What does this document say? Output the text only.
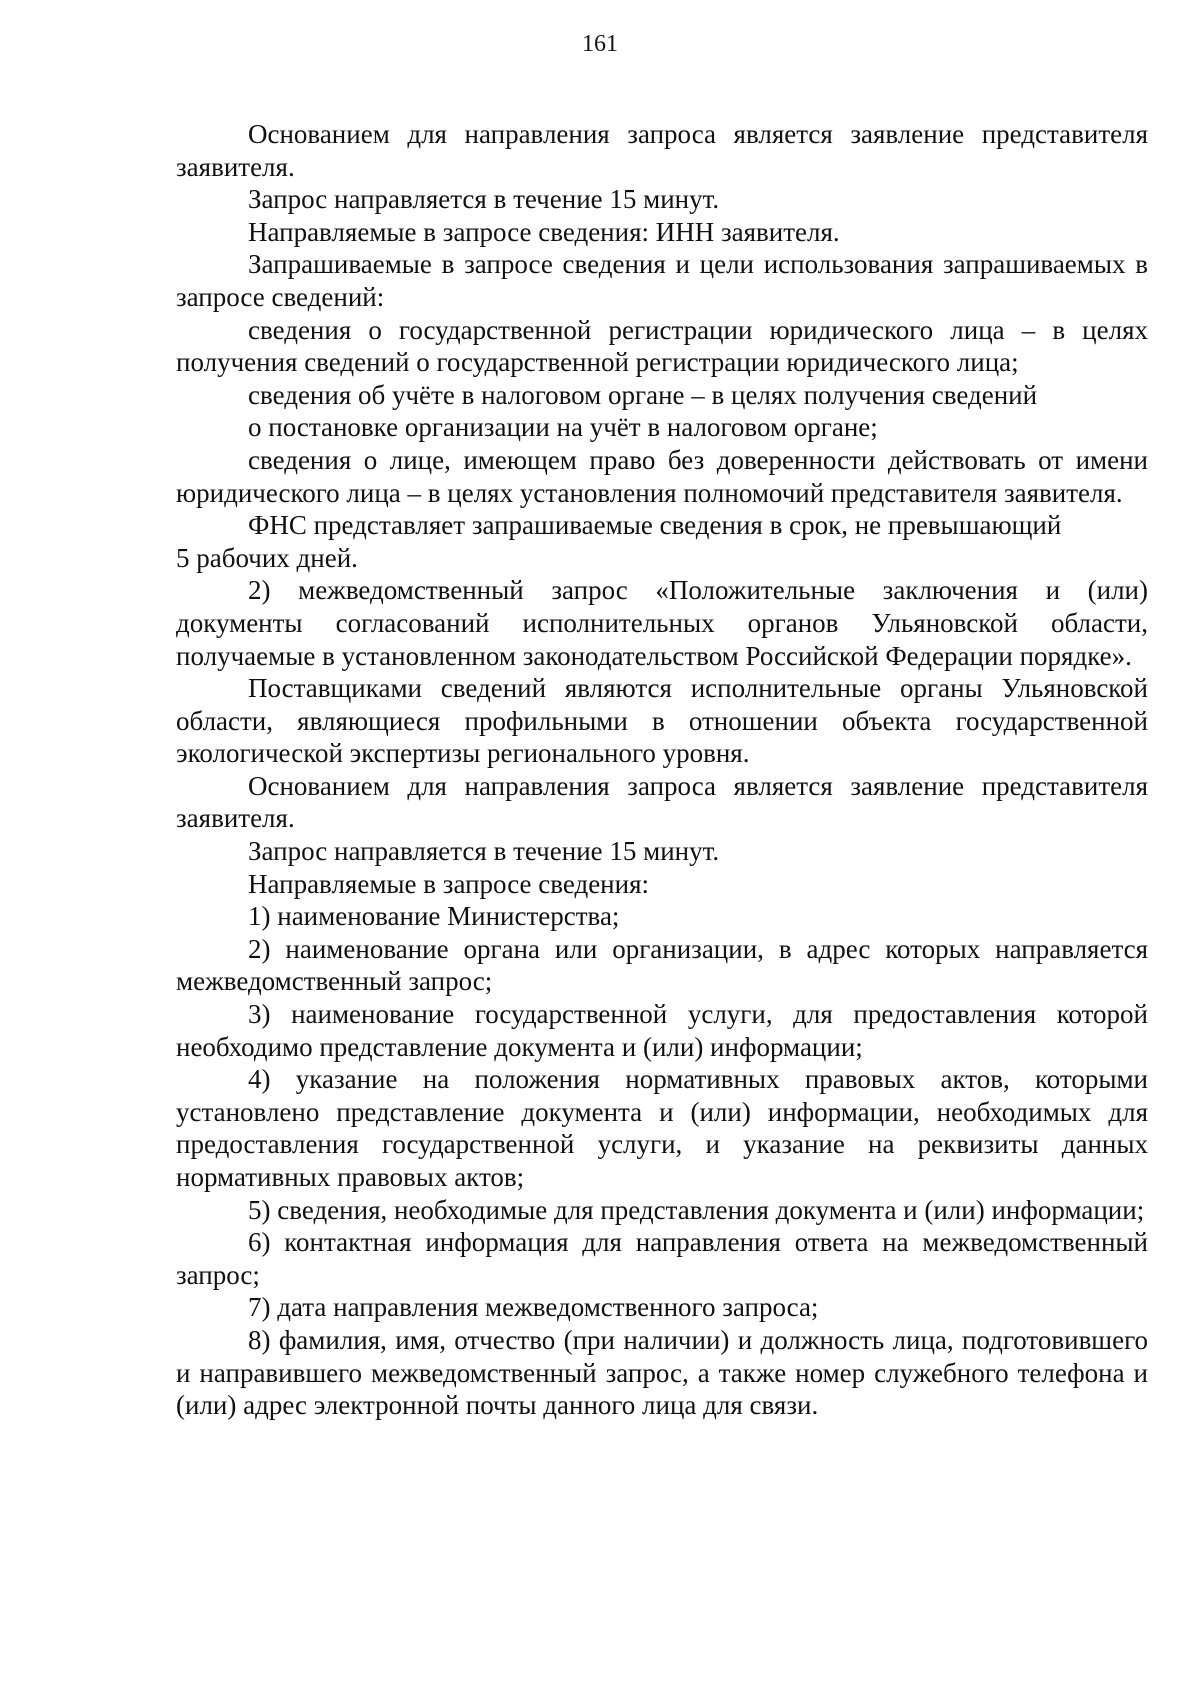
161

Основанием для направления запроса является заявление представителя заявителя.

Запрос направляется в течение 15 минут.

Направляемые в запросе сведения: ИНН заявителя.

Запрашиваемые в запросе сведения и цели использования запрашиваемых в запросе сведений:

сведения о государственной регистрации юридического лица – в целях получения сведений о государственной регистрации юридического лица;

сведения об учёте в налоговом органе – в целях получения сведений

о постановке организации на учёт в налоговом органе;

сведения о лице, имеющем право без доверенности действовать от имени юридического лица – в целях установления полномочий представителя заявителя.

ФНС представляет запрашиваемые сведения в срок, не превышающий

5 рабочих дней.

2) межведомственный запрос «Положительные заключения и (или) документы согласований исполнительных органов Ульяновской области, получаемые в установленном законодательством Российской Федерации порядке».

Поставщиками сведений являются исполнительные органы Ульяновской области, являющиеся профильными в отношении объекта государственной экологической экспертизы регионального уровня.

Основанием для направления запроса является заявление представителя заявителя.

Запрос направляется в течение 15 минут.

Направляемые в запросе сведения:

1) наименование Министерства;

2) наименование органа или организации, в адрес которых направляется межведомственный запрос;

3) наименование государственной услуги, для предоставления которой необходимо представление документа и (или) информации;

4) указание на положения нормативных правовых актов, которыми установлено представление документа и (или) информации, необходимых для предоставления государственной услуги, и указание на реквизиты данных нормативных правовых актов;

5) сведения, необходимые для представления документа и (или) информации;

6) контактная информация для направления ответа на межведомственный запрос;

7) дата направления межведомственного запроса;

8) фамилия, имя, отчество (при наличии) и должность лица, подготовившего и направившего межведомственный запрос, а также номер служебного телефона и (или) адрес электронной почты данного лица для связи.
